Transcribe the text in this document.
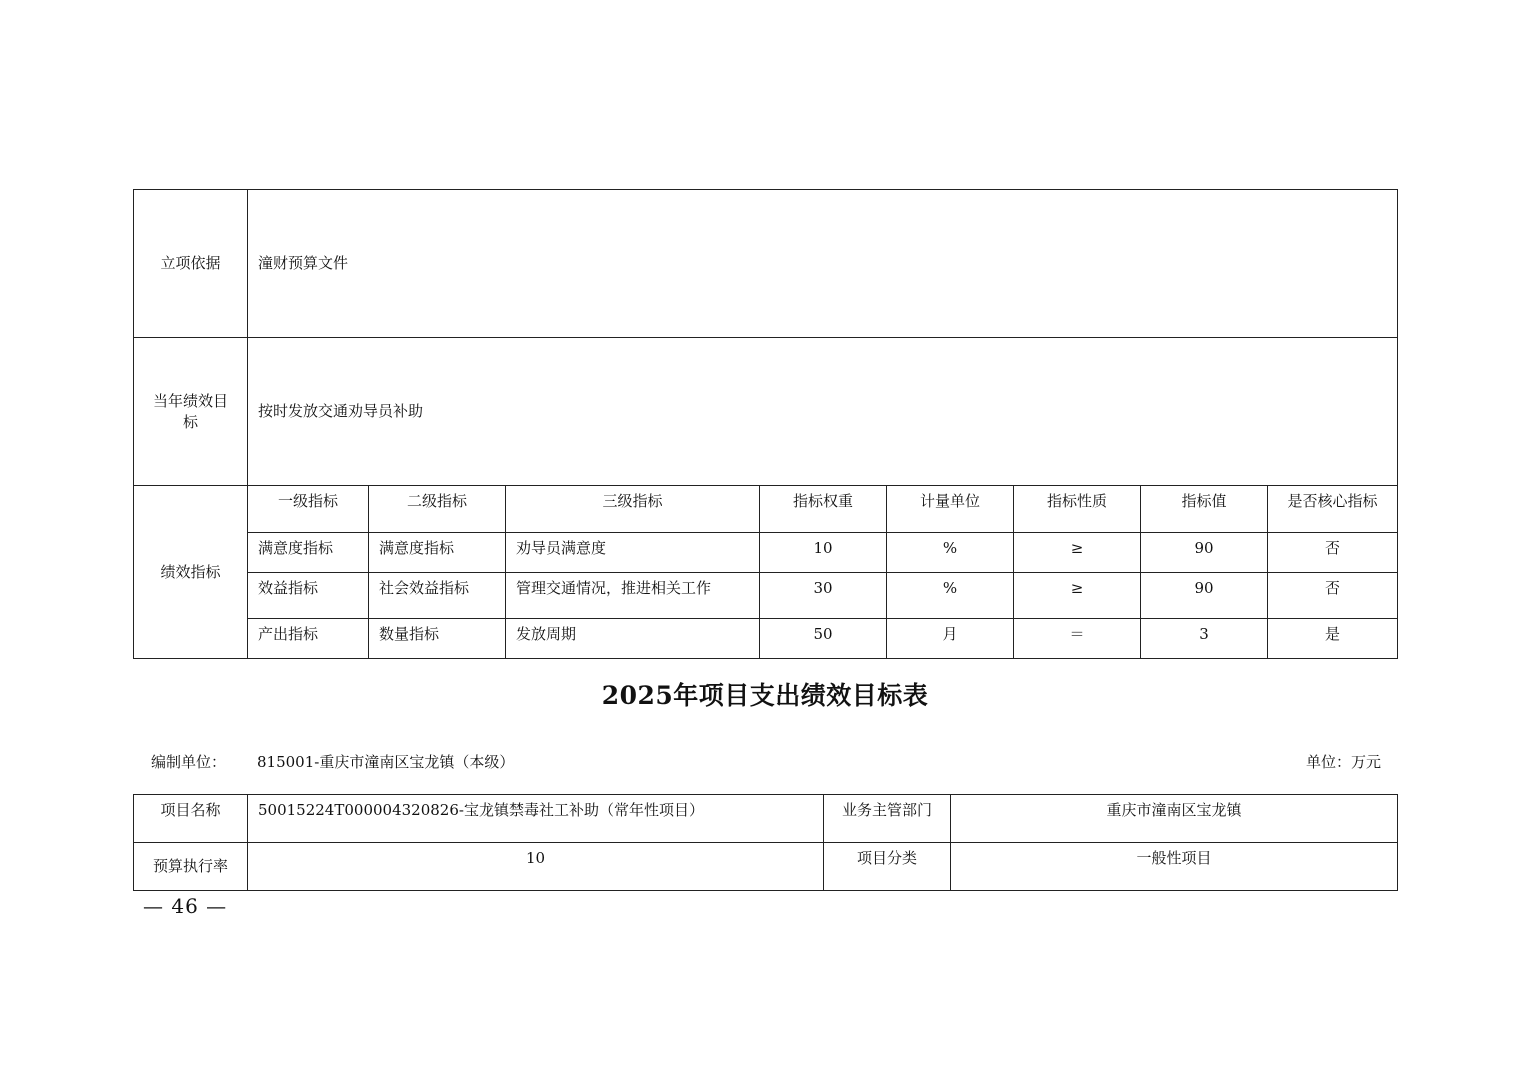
立项依据	潼财预算文件							
当年绩效目标	按时发放交通劝导员补助							
绩效指标	一级指标	二级指标	三级指标	指标权重	计量单位	指标性质	指标值	是否核心指标
	满意度指标	满意度指标	劝导员满意度	10	%	≥	90	否
	效益指标	社会效益指标	管理交通情况，推进相关工作	30	%	≥	90	否
	产出指标	数量指标	发放周期	50	月	＝	3	是
2025年项目支出绩效目标表
编制单位： 815001-重庆市潼南区宝龙镇（本级）	单位：万元
项目名称	50015224T000004320826-宝龙镇禁毒社工补助（常年性项目）	业务主管部门	重庆市潼南区宝龙镇
预算执行率	10	项目分类	一般性项目
— 46 —
